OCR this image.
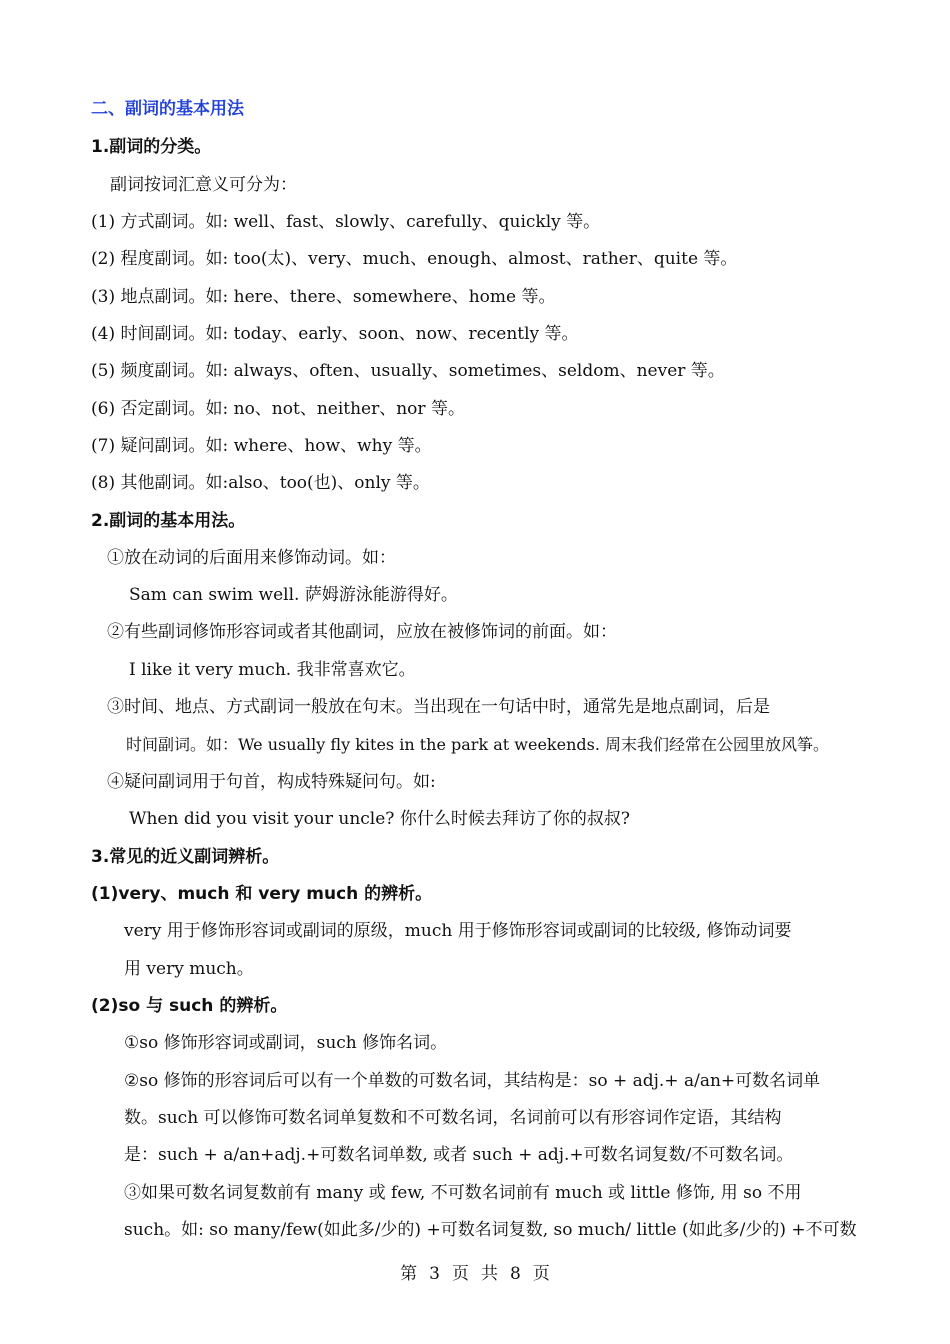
二、副词的基本用法
1.副词的分类。
副词按词汇意义可分为：
(1) 方式副词。如: well、fast、slowly、carefully、quickly 等。
(2) 程度副词。如: too(太)、very、much、enough、almost、rather、quite 等。
(3) 地点副词。如: here、there、somewhere、home 等。
(4) 时间副词。如: today、early、soon、now、recently 等。
(5) 频度副词。如: always、often、usually、sometimes、seldom、never 等。
(6) 否定副词。如: no、not、neither、nor 等。
(7) 疑问副词。如: where、how、why 等。
(8) 其他副词。如:also、too(也)、only 等。
2.副词的基本用法。
①放在动词的后面用来修饰动词。如：
Sam can swim well. 萨姆游泳能游得好。
②有些副词修饰形容词或者其他副词，应放在被修饰词的前面。如：
I like it very much. 我非常喜欢它。
③时间、地点、方式副词一般放在句末。当出现在一句话中时，通常先是地点副词，后是
时间副词。如：We usually fly kites in the park at weekends. 周末我们经常在公园里放风筝。
④疑问副词用于句首，构成特殊疑问句。如:
When did you visit your uncle? 你什么时候去拜访了你的叔叔?
3.常见的近义副词辨析。
(1)very、much 和 very much 的辨析。
very 用于修饰形容词或副词的原级，much 用于修饰形容词或副词的比较级, 修饰动词要
用 very much。
(2)so 与 such 的辨析。
①so 修饰形容词或副词，such 修饰名词。
②so 修饰的形容词后可以有一个单数的可数名词，其结构是：so + adj.+ a/an+可数名词单
数。such 可以修饰可数名词单复数和不可数名词，名词前可以有形容词作定语，其结构
是：such + a/an+adj.+可数名词单数, 或者 such + adj.+可数名词复数/不可数名词。
③如果可数名词复数前有 many 或 few, 不可数名词前有 much 或 little 修饰, 用 so 不用
such。如: so many/few(如此多/少的) +可数名词复数, so much/ little (如此多/少的) +不可数
第 3 页 共 8 页
